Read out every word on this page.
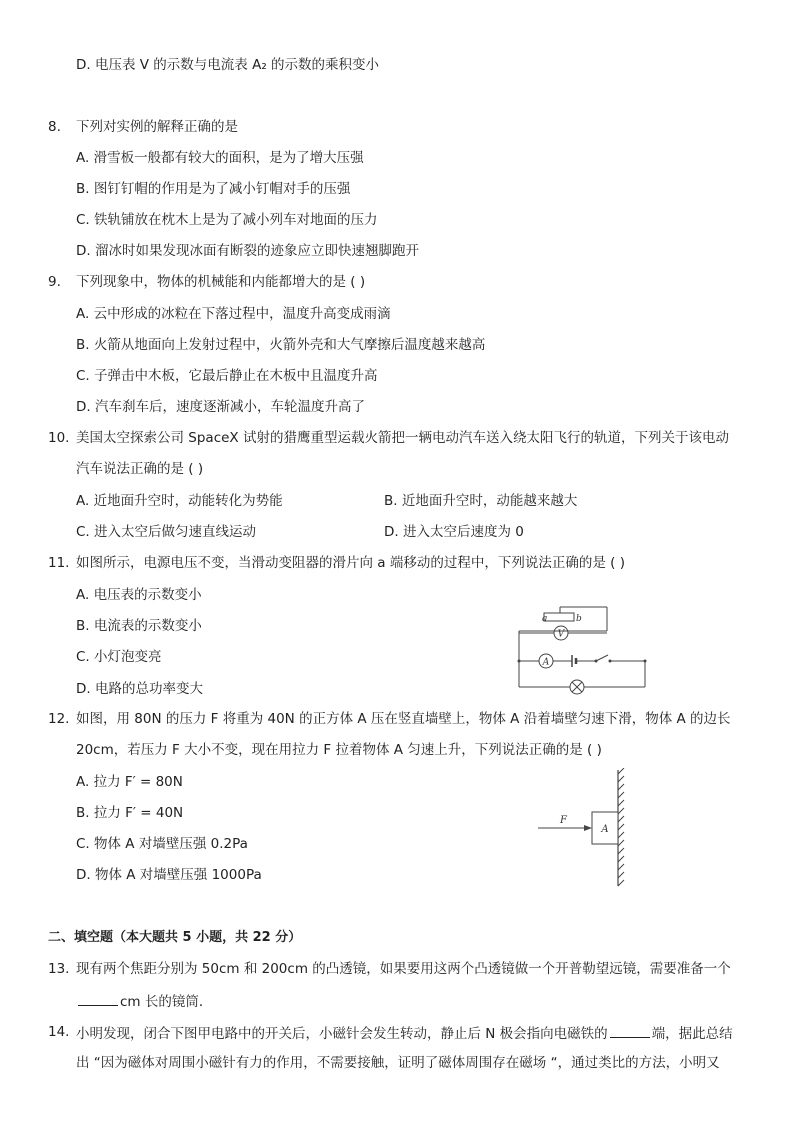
D. 电压表 V 的示数与电流表 A₂ 的示数的乘积变小
8. 下列对实例的解释正确的是
A. 滑雪板一般都有较大的面积，是为了增大压强
B. 图钉钉帽的作用是为了减小钉帽对手的压强
C. 铁轨铺放在枕木上是为了减小列车对地面的压力
D. 溜冰时如果发现冰面有断裂的迹象应立即快速翘脚跑开
9. 下列现象中，物体的机械能和内能都增大的是 ( )
A. 云中形成的冰粒在下落过程中，温度升高变成雨滴
B. 火箭从地面向上发射过程中，火箭外壳和大气摩擦后温度越来越高
C. 子弹击中木板，它最后静止在木板中且温度升高
D. 汽车刹车后，速度逐渐减小，车轮温度升高了
10. 美国太空探索公司 SpaceX 试射的猎鹰重型运载火箭把一辆电动汽车送入绕太阳飞行的轨道，下列关于该电动
汽车说法正确的是 ( )
A. 近地面升空时，动能转化为势能	B. 近地面升空时，动能越来越大
C. 进入太空后做匀速直线运动	D. 进入太空后速度为 0
11. 如图所示，电源电压不变，当滑动变阻器的滑片向 a 端移动的过程中，下列说法正确的是 ( )
A. 电压表的示数变小
B. 电流表的示数变小
C. 小灯泡变亮
D. 电路的总功率变大
a	b
V
A
12. 如图，用 80N 的压力 F 将重为 40N 的正方体 A 压在竖直墙壁上，物体 A 沿着墙壁匀速下滑，物体 A 的边长
20cm，若压力 F 大小不变，现在用拉力 F 拉着物体 A 匀速上升，下列说法正确的是 ( )
A. 拉力 F′ = 80N
B. 拉力 F′ = 40N
C. 物体 A 对墙壁压强 0.2Pa
D. 物体 A 对墙壁压强 1000Pa
F
A
二、填空题（本大题共 5 小题，共 22 分）
13. 现有两个焦距分别为 50cm 和 200cm 的凸透镜，如果要用这两个凸透镜做一个开普勒望远镜，需要准备一个
cm 长的镜筒．
14. 小明发现，闭合下图甲电路中的开关后，小磁针会发生转动，静止后 N 极会指向电磁铁的	端，据此总结
出 “因为磁体对周围小磁针有力的作用，不需要接触，证明了磁体周围存在磁场 “，通过类比的方法，小明又
